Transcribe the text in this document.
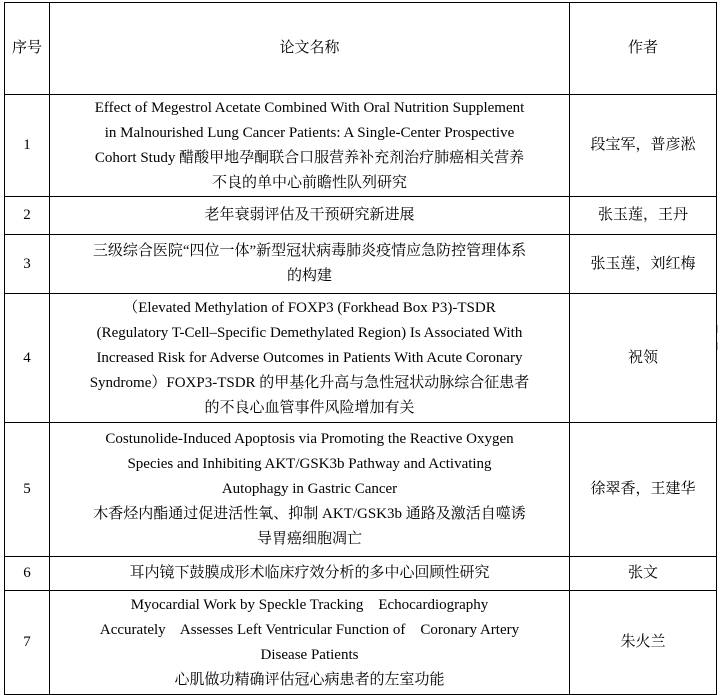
序号	论文名称	作者
1	Effect of Megestrol Acetate Combined With Oral Nutrition Supplement
in Malnourished Lung Cancer Patients: A Single-Center Prospective
Cohort Study 醋酸甲地孕酮联合口服营养补充剂治疗肺癌相关营养
不良的单中心前瞻性队列研究	段宝军，普彦淞
2	老年衰弱评估及干预研究新进展	张玉莲，王丹
3	三级综合医院“四位一体”新型冠状病毒肺炎疫情应急防控管理体系
的构建	张玉莲，刘红梅
4	（Elevated Methylation of FOXP3 (Forkhead Box P3)-TSDR
(Regulatory T-Cell–Specific Demethylated Region) Is Associated With
Increased Risk for Adverse Outcomes in Patients With Acute Coronary
Syndrome）FOXP3-TSDR 的甲基化升高与急性冠状动脉综合征患者
的不良心血管事件风险增加有关	祝领
5	Costunolide-Induced Apoptosis via Promoting the Reactive Oxygen
Species and Inhibiting AKT/GSK3b Pathway and Activating
Autophagy in Gastric Cancer
木香烃内酯通过促进活性氧、抑制 AKT/GSK3b 通路及激活自噬诱
导胃癌细胞凋亡	徐翠香，王建华
6	耳内镜下鼓膜成形术临床疗效分析的多中心回顾性研究	张文
7	Myocardial Work by Speckle Tracking    Echocardiography
Accurately    Assesses Left Ventricular Function of    Coronary Artery
Disease Patients
心肌做功精确评估冠心病患者的左室功能	朱火兰
